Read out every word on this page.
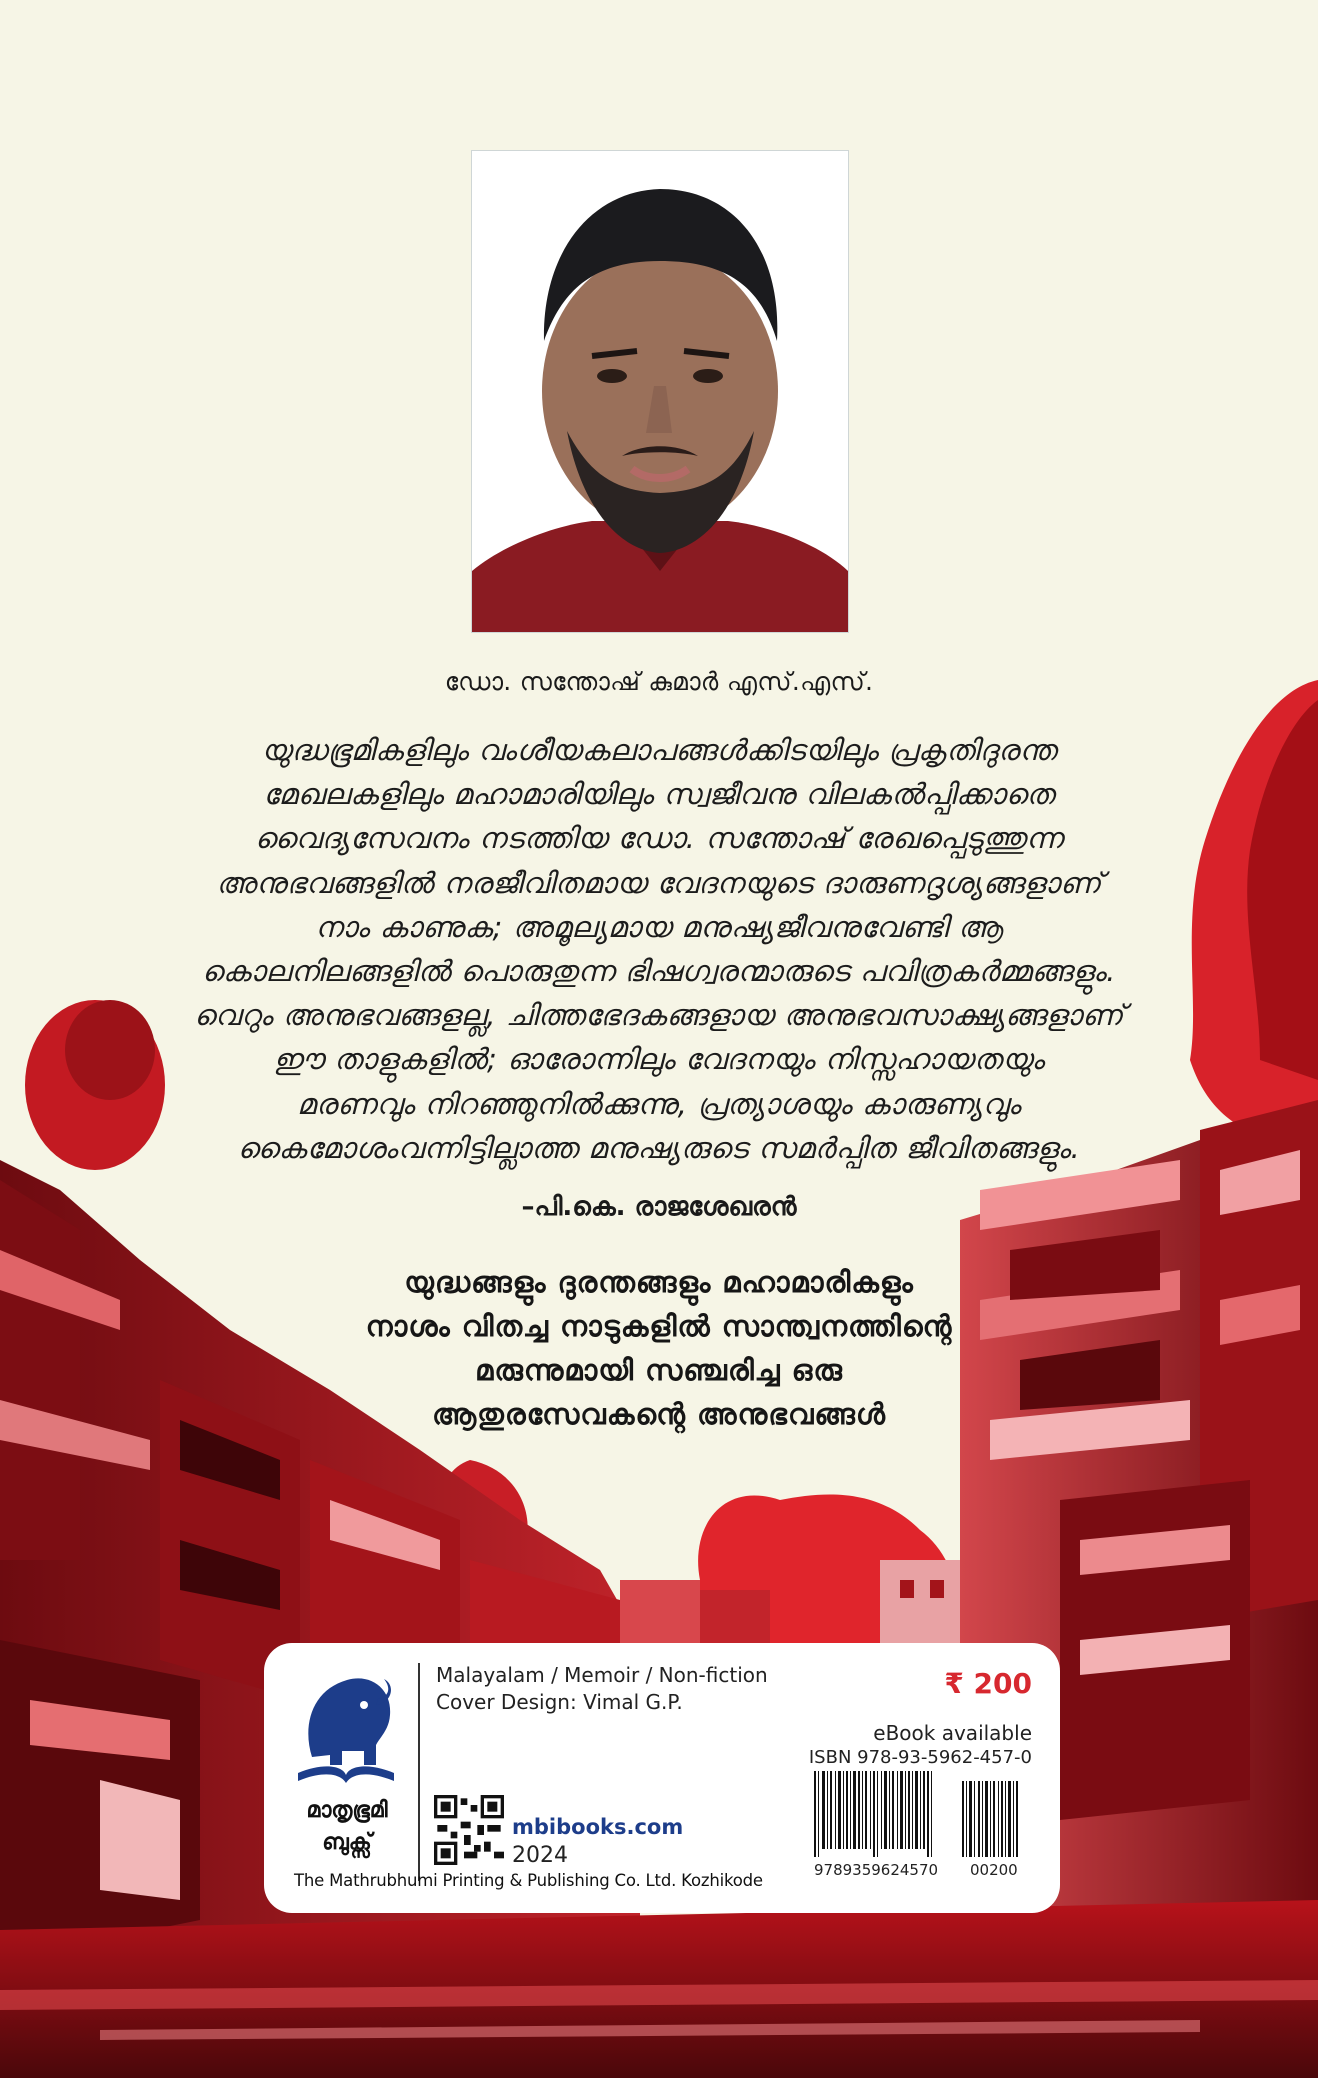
ഡോ. സന്തോഷ് കുമാർ എസ്.എസ്.
യുദ്ധഭൂമികളിലും വംശീയകലാപങ്ങൾക്കിടയിലും പ്രകൃതിദുരന്ത
മേഖലകളിലും മഹാമാരിയിലും സ്വജീവനു വിലകൽപ്പിക്കാതെ
വൈദ്യസേവനം നടത്തിയ ഡോ. സന്തോഷ് രേഖപ്പെടുത്തുന്ന
അനുഭവങ്ങളിൽ നരജീവിതമായ വേദനയുടെ ദാരുണദൃശ്യങ്ങളാണ്
നാം കാണുക; അമൂല്യമായ മനുഷ്യജീവനുവേണ്ടി ആ
കൊലനിലങ്ങളിൽ പൊരുതുന്ന ഭിഷഗ്വരന്മാരുടെ പവിത്രകർമ്മങ്ങളും.
വെറും അനുഭവങ്ങളല്ല, ചിത്തഭേദകങ്ങളായ അനുഭവസാക്ഷ്യങ്ങളാണ്
ഈ താളുകളിൽ; ഓരോന്നിലും വേദനയും നിസ്സഹായതയും
മരണവും നിറഞ്ഞുനിൽക്കുന്നു, പ്രത്യാശയും കാരുണ്യവും
കൈമോശംവന്നിട്ടില്ലാത്ത മനുഷ്യരുടെ സമർപ്പിത ജീവിതങ്ങളും.
–പി.കെ. രാജശേഖരൻ
യുദ്ധങ്ങളും ദുരന്തങ്ങളും മഹാമാരികളും
നാശം വിതച്ച നാടുകളിൽ സാന്ത്വനത്തിന്റെ
മരുന്നുമായി സഞ്ചരിച്ച ഒരു
ആതുരസേവകന്റെ അനുഭവങ്ങൾ
മാതൃഭൂമി
ബുക്സ്
Malayalam / Memoir / Non-fiction
Cover Design: Vimal G.P.
₹ 200
eBook available
ISBN 978-93-5962-457-0
mbibooks.com
2024
9789359624570 00200
The Mathrubhumi Printing & Publishing Co. Ltd. Kozhikode
